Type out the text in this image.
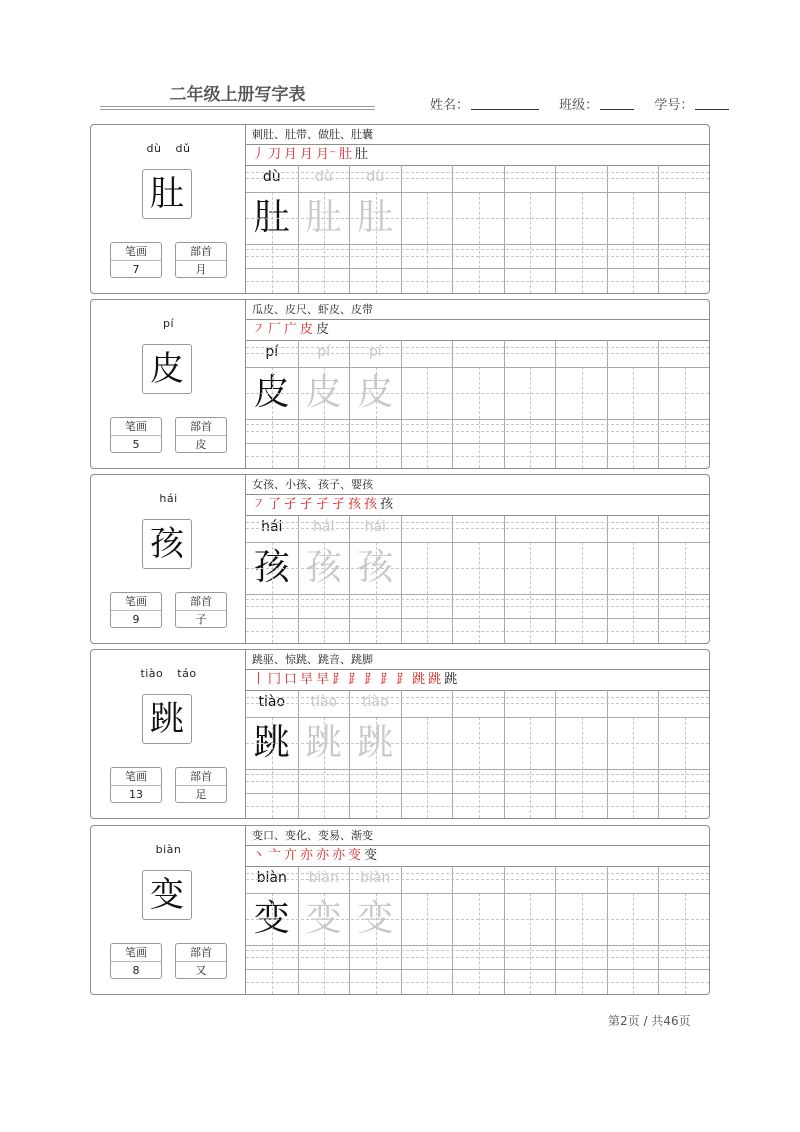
二年级上册写字表
姓名：	班级：	学号：
dù dǔ
肚
笔画
7
部首
月
刺肚、肚带、做肚、肚囊
丿 刀 月 月 月⁻ 肚 肚
dù
肚
dù
肚
dù
肚
pí
皮
笔画
5
部首
皮
瓜皮、皮尺、虾皮、皮带
㇇ 厂 广 皮 皮
pí
皮
pí
皮
pí
皮
hái
孩
笔画
9
部首
子
女孩、小孩、孩子、婴孩
㇇ 了 孑 孑 孑 孑 孩 孩 孩
hái
孩
hái
孩
hái
孩
tiào táo
跳
笔画
13
部首
足
跳驱、惊跳、跳音、跳脚
丨 冂 口 早 早 ⻊ ⻊ ⻊ ⻊ ⻊ 跳 跳 跳
tiào
跳
tiào
跳
tiào
跳
biàn
变
笔画
8
部首
又
变口、变化、变易、渐变
丶 亠 亣 亦 亦 亦 变 变
biàn
变
biàn
变
biàn
变
第2页 / 共46页
